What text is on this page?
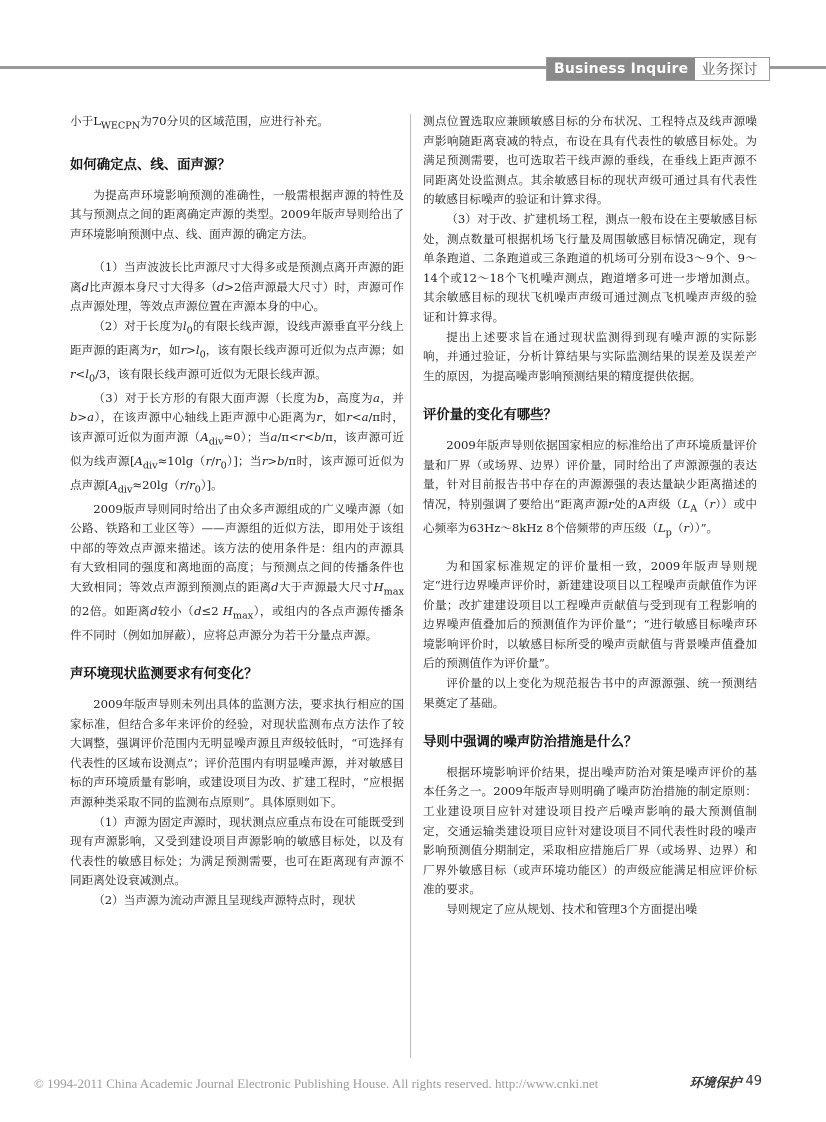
Business Inquire 业务探讨

小于$L_{WECPN}$为70分贝的区域范围，应进行补充。

如何确定点、线、面声源？

为提高声环境影响预测的准确性，一般需根据声源的特性及其与预测点之间的距离确定声源的类型。2009年版声导则给出了声环境影响预测中点、线、面声源的确定方法。

（1）当声波波长比声源尺寸大得多或是预测点离开声源的距离d比声源本身尺寸大得多（d>2倍声源最大尺寸）时，声源可作点声源处理，等效点声源位置在声源本身的中心。

（2）对于长度为$l_0$的有限长线声源，设线声源垂直平分线上距声源的距离为r，如$r>l_0$，该有限长线声源可近似为点声源；如$r<l_0/3$，该有限长线声源可近似为无限长线声源。

（3）对于长方形的有限大面声源（长度为b，高度为a，并b>a），在该声源中心轴线上距声源中心距离为r，如r<a/π时，该声源可近似为面声源$(A_{div}\approx 0)$；当a/π<r<b/π，该声源可近似为线声源$[A_{div}\approx 10\lg(r/r_0)]$；当r>b/π时，该声源可近似为点声源$[A_{div}\approx 20\lg(r/r_0)]$。

2009版声导则同时给出了由众多声源组成的广义噪声源（如公路、铁路和工业区等）——声源组的近似方法，即用处于该组中部的等效点声源来描述。该方法的使用条件是：组内的声源具有大致相同的强度和离地面的高度；与预测点之间的传播条件也大致相同；等效点声源到预测点的距离d大于声源最大尺寸$H_{max}$的2倍。如距离d较小（d≤2 $H_{max}$），或组内的各点声源传播条件不同时（例如加屏蔽），应将总声源分为若干分量点声源。

声环境现状监测要求有何变化？

2009年版声导则未列出具体的监测方法，要求执行相应的国家标准，但结合多年来评价的经验，对现状监测布点方法作了较大调整，强调评价范围内无明显噪声源且声级较低时，“可选择有代表性的区域布设测点”；评价范围内有明显噪声源，并对敏感目标的声环境质量有影响，或建设项目为改、扩建工程时，“应根据声源种类采取不同的监测布点原则”。具体原则如下。

（1）声源为固定声源时，现状测点应重点布设在可能既受到现有声源影响，又受到建设项目声源影响的敏感目标处，以及有代表性的敏感目标处；为满足预测需要，也可在距离现有声源不同距离处设衰减测点。

（2）当声源为流动声源且呈现线声源特点时，现状

测点位置选取应兼顾敏感目标的分布状况、工程特点及线声源噪声影响随距离衰减的特点，布设在具有代表性的敏感目标处。为满足预测需要，也可选取若干线声源的垂线，在垂线上距声源不同距离处设监测点。其余敏感目标的现状声级可通过具有代表性的敏感目标噪声的验证和计算求得。

（3）对于改、扩建机场工程，测点一般布设在主要敏感目标处，测点数量可根据机场飞行量及周围敏感目标情况确定，现有单条跑道、二条跑道或三条跑道的机场可分别布设3～9个、9～14个或12～18个飞机噪声测点，跑道增多可进一步增加测点。其余敏感目标的现状飞机噪声声级可通过测点飞机噪声声级的验证和计算求得。

提出上述要求旨在通过现状监测得到现有噪声源的实际影响，并通过验证，分析计算结果与实际监测结果的误差及误差产生的原因，为提高噪声影响预测结果的精度提供依据。

评价量的变化有哪些？

2009年版声导则依据国家相应的标准给出了声环境质量评价量和厂界（或场界、边界）评价量，同时给出了声源源强的表达量，针对目前报告书中存在的声源源强的表达量缺少距离描述的情况，特别强调了要给出“距离声源r处的A声级$(L_A(r))$或中心频率为63Hz～8kHz 8个倍频带的声压级$(L_p(r))$”。

为和国家标准规定的评价量相一致，2009年版声导则规定“进行边界噪声评价时，新建建设项目以工程噪声贡献值作为评价量；改扩建建设项目以工程噪声贡献值与受到现有工程影响的边界噪声值叠加后的预测值作为评价量”；“进行敏感目标噪声环境影响评价时，以敏感目标所受的噪声贡献值与背景噪声值叠加后的预测值作为评价量”。

评价量的以上变化为规范报告书中的声源源强、统一预测结果奠定了基础。

导则中强调的噪声防治措施是什么？

根据环境影响评价结果，提出噪声防治对策是噪声评价的基本任务之一。2009年版声导则明确了噪声防治措施的制定原则：工业建设项目应针对建设项目投产后噪声影响的最大预测值制定，交通运输类建设项目应针对建设项目不同代表性时段的噪声影响预测值分期制定，采取相应措施后厂界（或场界、边界）和厂界外敏感目标（或声环境功能区）的声级应能满足相应评价标准的要求。

导则规定了应从规划、技术和管理3个方面提出噪

© 1994-2011 China Academic Journal Electronic Publishing House. All rights reserved. http://www.cnki.net	环境保护 49
